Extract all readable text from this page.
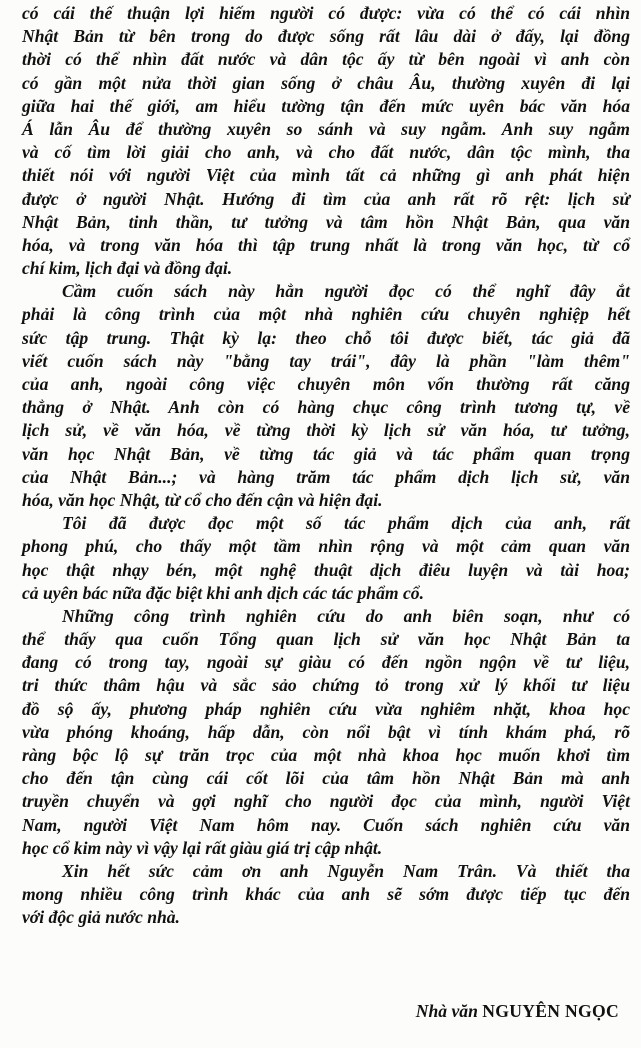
có cái thế thuận lợi hiếm người có được: vừa có thể có cái nhìn
Nhật Bản từ bên trong do được sống rất lâu dài ở đấy, lại đồng
thời có thể nhìn đất nước và dân tộc ấy từ bên ngoài vì anh còn
có gần một nửa thời gian sống ở châu Âu, thường xuyên đi lại
giữa hai thế giới, am hiểu tường tận đến mức uyên bác văn hóa
Á lẫn Âu để thường xuyên so sánh và suy ngẫm. Anh suy ngẫm
và cố tìm lời giải cho anh, và cho đất nước, dân tộc mình, tha
thiết nói với người Việt của mình tất cả những gì anh phát hiện
được ở người Nhật. Hướng đi tìm của anh rất rõ rệt: lịch sử
Nhật Bản, tinh thần, tư tưởng và tâm hồn Nhật Bản, qua văn
hóa, và trong văn hóa thì tập trung nhất là trong văn học, từ cổ
chí kim, lịch đại và đồng đại.
Cầm cuốn sách này hẳn người đọc có thể nghĩ đây ắt
phải là công trình của một nhà nghiên cứu chuyên nghiệp hết
sức tập trung. Thật kỳ lạ: theo chỗ tôi được biết, tác giả đã
viết cuốn sách này "bằng tay trái", đây là phần "làm thêm"
của anh, ngoài công việc chuyên môn vốn thường rất căng
thẳng ở Nhật. Anh còn có hàng chục công trình tương tự, về
lịch sử, về văn hóa, về từng thời kỳ lịch sử văn hóa, tư tưởng,
văn học Nhật Bản, về từng tác giả và tác phẩm quan trọng
của Nhật Bản...; và hàng trăm tác phẩm dịch lịch sử, văn
hóa, văn học Nhật, từ cổ cho đến cận và hiện đại.
Tôi đã được đọc một số tác phẩm dịch của anh, rất
phong phú, cho thấy một tầm nhìn rộng và một cảm quan văn
học thật nhạy bén, một nghệ thuật dịch điêu luyện và tài hoa;
cả uyên bác nữa đặc biệt khi anh dịch các tác phẩm cổ.
Những công trình nghiên cứu do anh biên soạn, như có
thể thấy qua cuốn Tổng quan lịch sử văn học Nhật Bản ta
đang có trong tay, ngoài sự giàu có đến ngồn ngộn về tư liệu,
tri thức thâm hậu và sắc sảo chứng tỏ trong xử lý khối tư liệu
đồ sộ ấy, phương pháp nghiên cứu vừa nghiêm nhặt, khoa học
vừa phóng khoáng, hấp dẫn, còn nổi bật vì tính khám phá, rõ
ràng bộc lộ sự trăn trọc của một nhà khoa học muốn khơi tìm
cho đến tận cùng cái cốt lõi của tâm hồn Nhật Bản mà anh
truyền chuyển và gợi nghĩ cho người đọc của mình, người Việt
Nam, người Việt Nam hôm nay. Cuốn sách nghiên cứu văn
học cổ kim này vì vậy lại rất giàu giá trị cập nhật.
Xin hết sức cảm ơn anh Nguyễn Nam Trân. Và thiết tha
mong nhiều công trình khác của anh sẽ sớm được tiếp tục đến
với độc giả nước nhà.
Nhà văn NGUYÊN NGỌC
